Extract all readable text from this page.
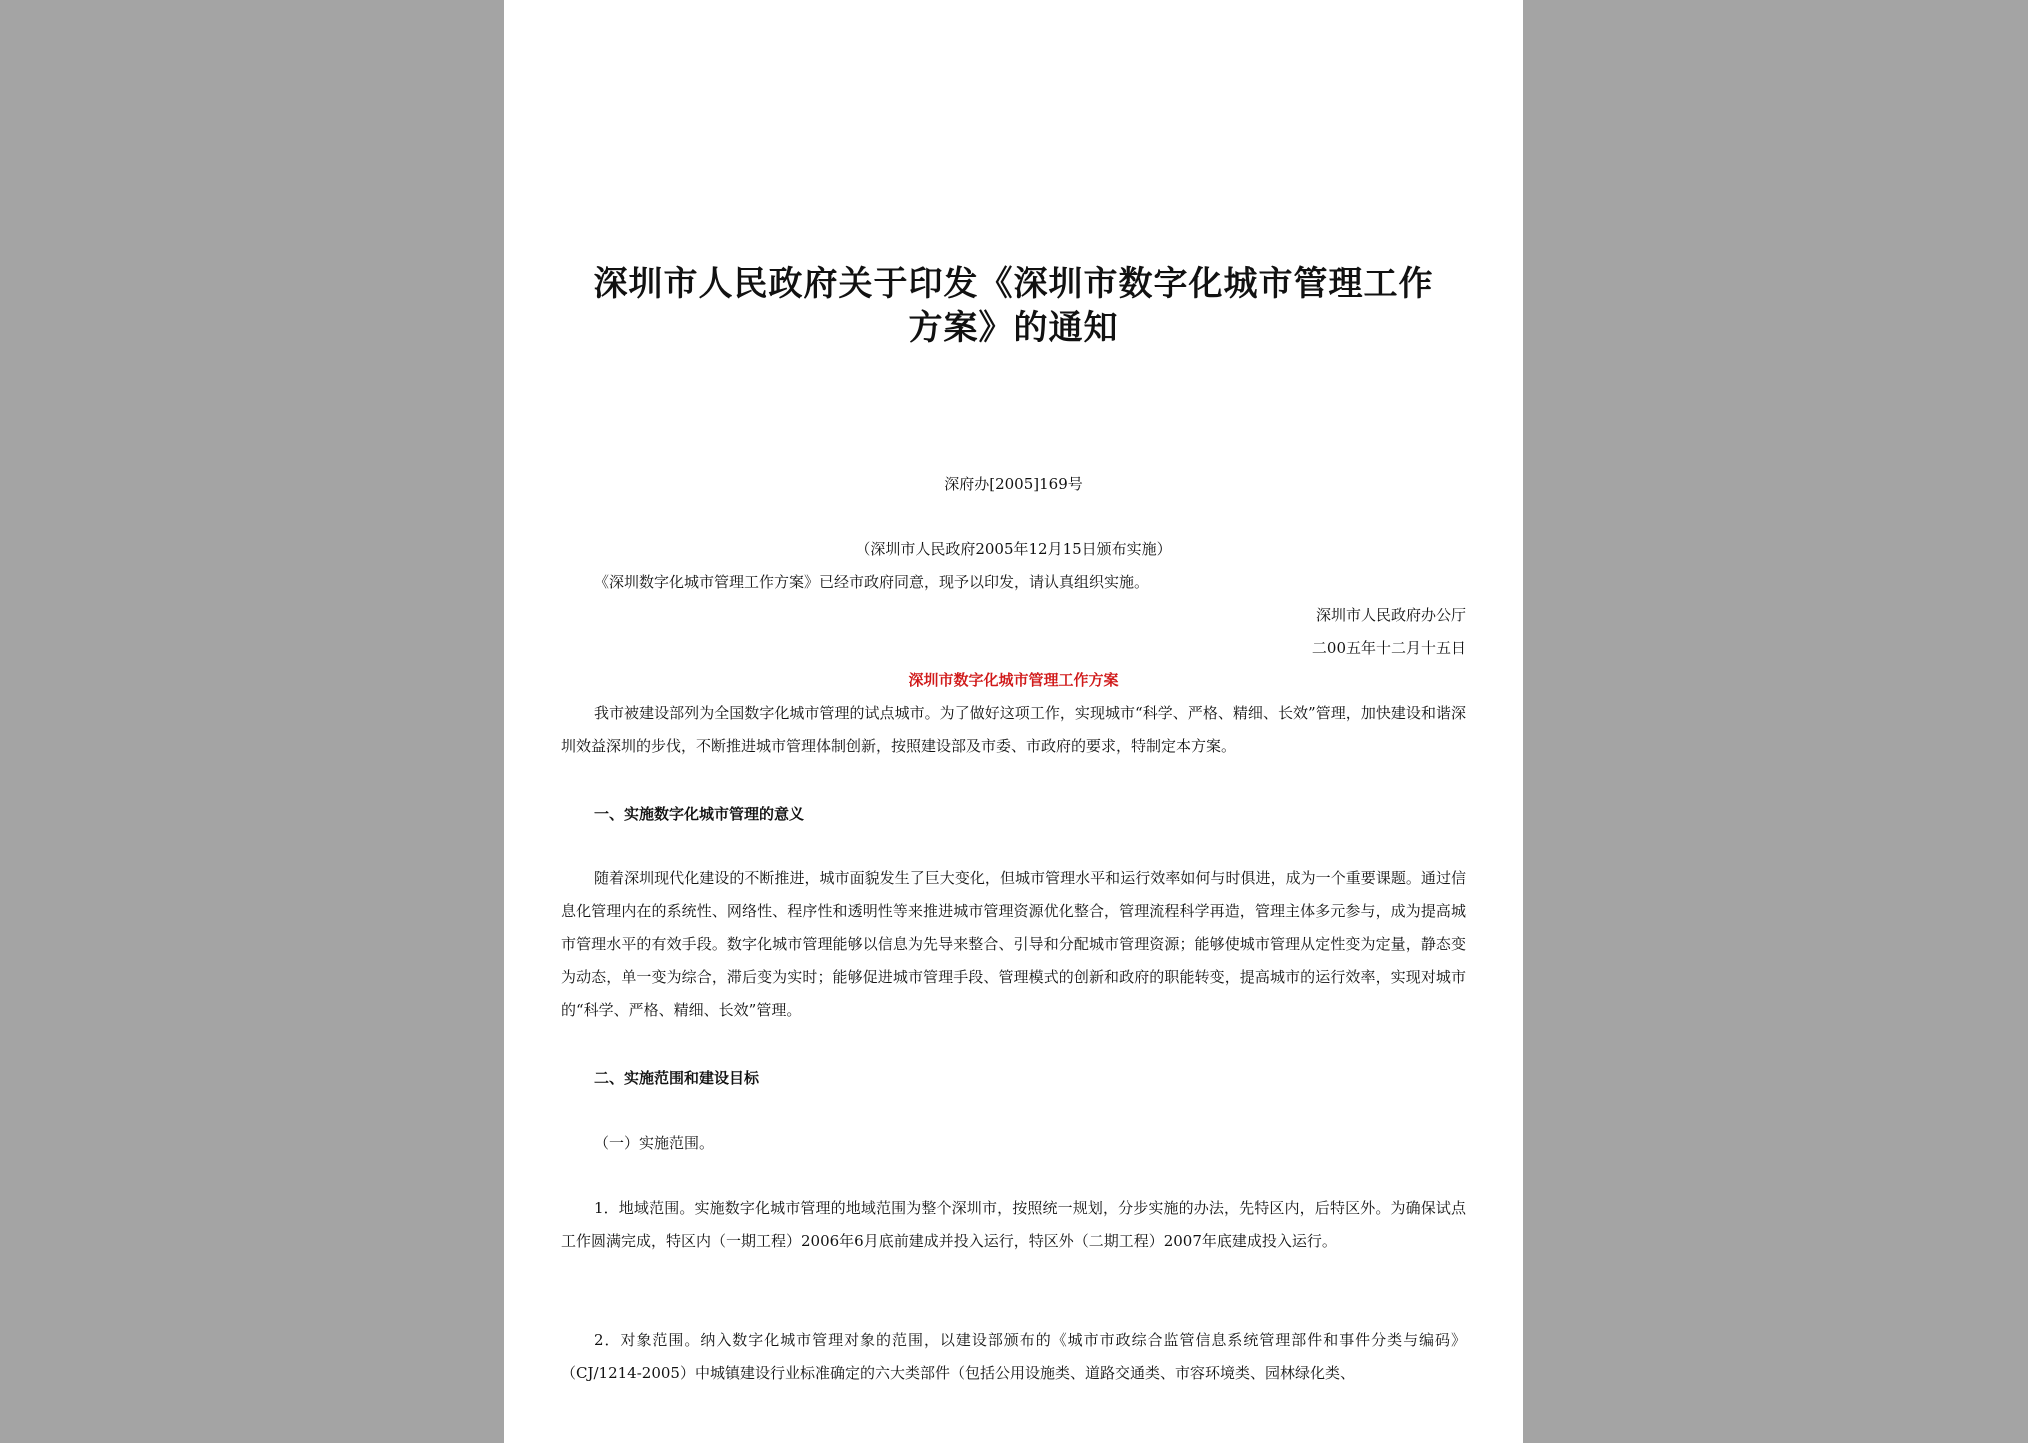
深圳市人民政府关于印发《深圳市数字化城市管理工作
方案》的通知
深府办[2005]169号
（深圳市人民政府2005年12月15日颁布实施）
《深圳数字化城市管理工作方案》已经市政府同意，现予以印发，请认真组织实施。
深圳市人民政府办公厅
二00五年十二月十五日
深圳市数字化城市管理工作方案
我市被建设部列为全国数字化城市管理的试点城市。为了做好这项工作，实现城市“科学、严格、精细、长效”管理，加快建设和谐深圳效益深圳的步伐，不断推进城市管理体制创新，按照建设部及市委、市政府的要求，特制定本方案。
一、实施数字化城市管理的意义
随着深圳现代化建设的不断推进，城市面貌发生了巨大变化，但城市管理水平和运行效率如何与时俱进，成为一个重要课题。通过信息化管理内在的系统性、网络性、程序性和透明性等来推进城市管理资源优化整合，管理流程科学再造，管理主体多元参与，成为提高城市管理水平的有效手段。数字化城市管理能够以信息为先导来整合、引导和分配城市管理资源；能够使城市管理从定性变为定量，静态变为动态，单一变为综合，滞后变为实时；能够促进城市管理手段、管理模式的创新和政府的职能转变，提高城市的运行效率，实现对城市的“科学、严格、精细、长效”管理。
二、实施范围和建设目标
（一）实施范围。
1．地域范围。实施数字化城市管理的地域范围为整个深圳市，按照统一规划，分步实施的办法，先特区内，后特区外。为确保试点工作圆满完成，特区内（一期工程）2006年6月底前建成并投入运行，特区外（二期工程）2007年底建成投入运行。
2．对象范围。纳入数字化城市管理对象的范围，以建设部颁布的《城市市政综合监管信息系统管理部件和事件分类与编码》（CJ/1214-2005）中城镇建设行业标准确定的六大类部件（包括公用设施类、道路交通类、市容环境类、园林绿化类、
